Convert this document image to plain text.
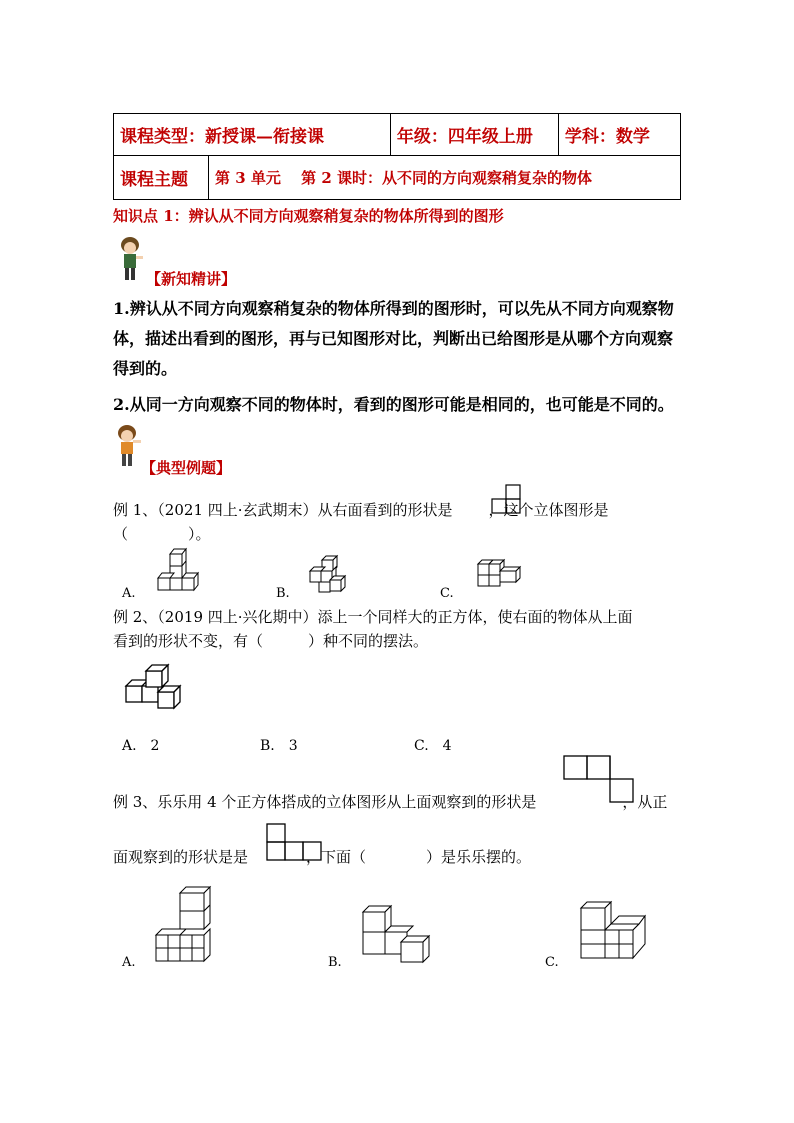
课程类型：新授课—衔接课		年级：四年级上册	学科：数学
课程主题	第 3 单元　 第 2 课时：从不同的方向观察稍复杂的物体		
知识点 1：辨认从不同方向观察稍复杂的物体所得到的图形
【新知精讲】
1.辨认从不同方向观察稍复杂的物体所得到的图形时，可以先从不同方向观察物体，描述出看到的图形，再与已知图形对比，判断出已给图形是从哪个方向观察得到的。
2.从同一方向观察不同的物体时，看到的图形可能是相同的，也可能是不同的。
【典型例题】
例 1、（2021 四上·玄武期末）从右面看到的形状是 ，这个立体图形是
（　　　　）。
A.	B.	C.
例 2、（2019 四上·兴化期中）添上一个同样大的正方体，使右面的物体从上面
看到的形状不变，有（　　　）种不同的摆法。
A.　2	B.　3	C.　4
例 3、乐乐用 4 个正方体搭成的立体图形从上面观察到的形状是	，从正
面观察到的形状是是	，下面（　　　　）是乐乐摆的。
A.	B.	C.
